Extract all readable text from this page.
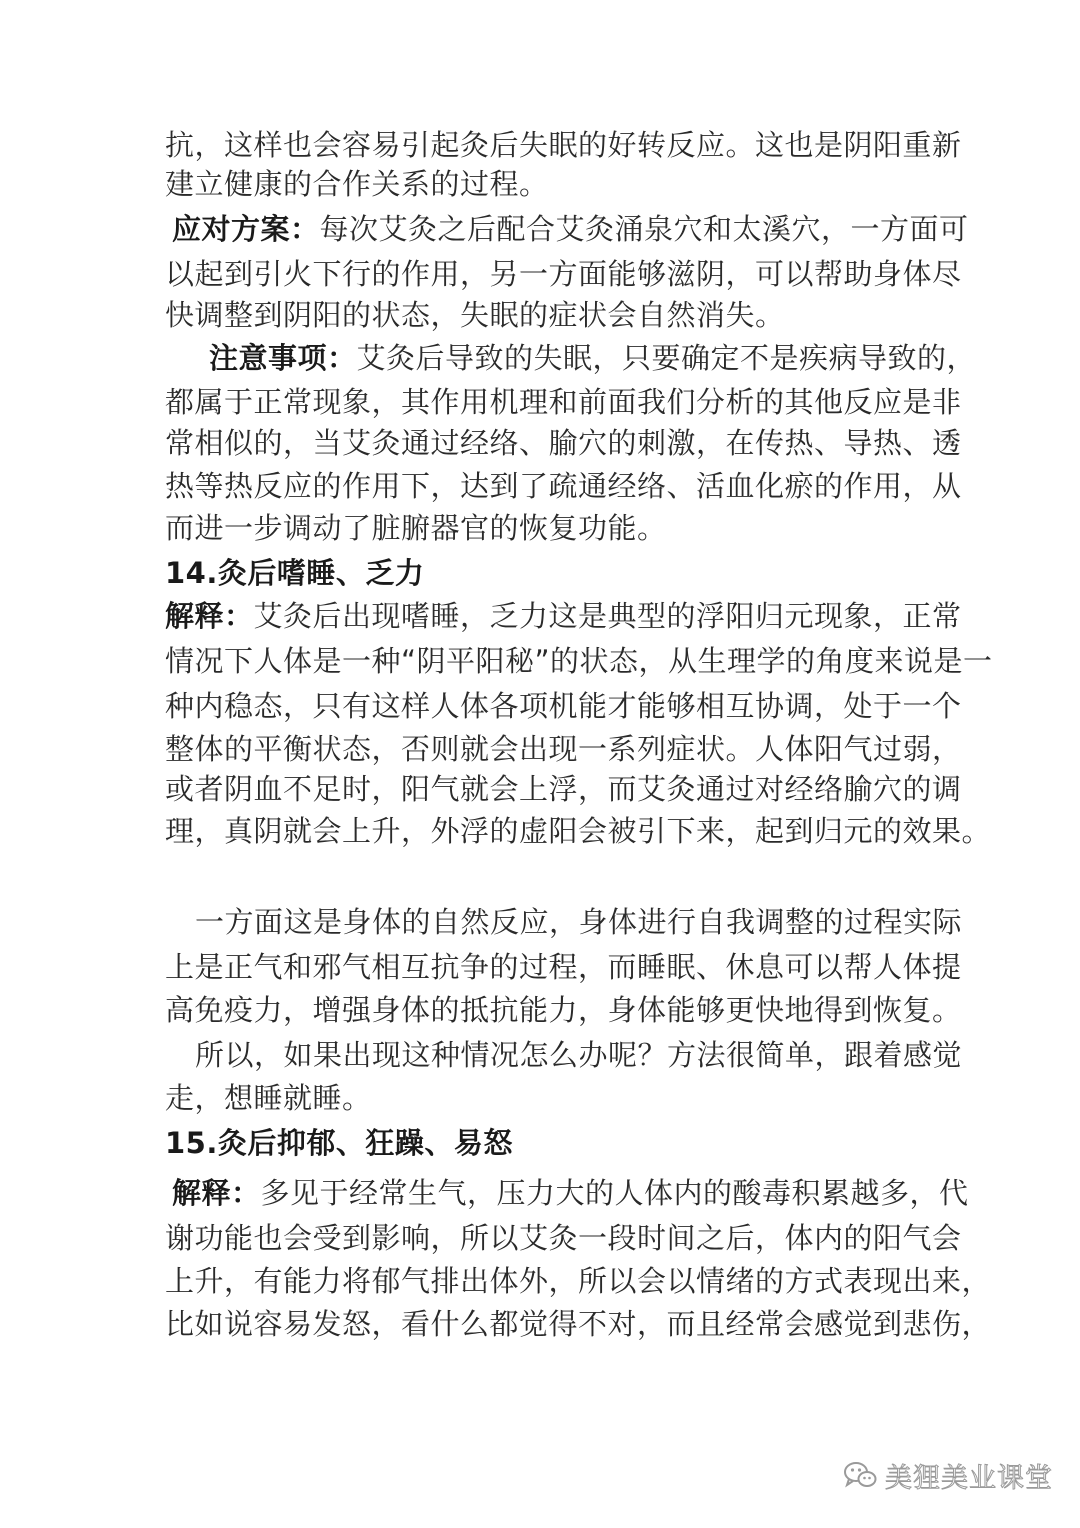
抗，这样也会容易引起灸后失眠的好转反应。这也是阴阳重新
建立健康的合作关系的过程。
应对方案：每次艾灸之后配合艾灸涌泉穴和太溪穴，一方面可
以起到引火下行的作用，另一方面能够滋阴，可以帮助身体尽
快调整到阴阳的状态，失眠的症状会自然消失。
注意事项：艾灸后导致的失眠，只要确定不是疾病导致的，
都属于正常现象，其作用机理和前面我们分析的其他反应是非
常相似的，当艾灸通过经络、腧穴的刺激，在传热、导热、透
热等热反应的作用下，达到了疏通经络、活血化瘀的作用，从
而进一步调动了脏腑器官的恢复功能。
14.灸后嗜睡、乏力
解释：艾灸后出现嗜睡，乏力这是典型的浮阳归元现象，正常
情况下人体是一种“阴平阳秘”的状态，从生理学的角度来说是一
种内稳态，只有这样人体各项机能才能够相互协调，处于一个
整体的平衡状态，否则就会出现一系列症状。人体阳气过弱，
或者阴血不足时，阳气就会上浮，而艾灸通过对经络腧穴的调
理，真阴就会上升，外浮的虚阳会被引下来，起到归元的效果。
一方面这是身体的自然反应，身体进行自我调整的过程实际
上是正气和邪气相互抗争的过程，而睡眠、休息可以帮人体提
高免疫力，增强身体的抵抗能力，身体能够更快地得到恢复。
所以，如果出现这种情况怎么办呢？方法很简单，跟着感觉
走，想睡就睡。
15.灸后抑郁、狂躁、易怒
解释：多见于经常生气，压力大的人体内的酸毒积累越多，代
谢功能也会受到影响，所以艾灸一段时间之后，体内的阳气会
上升，有能力将郁气排出体外，所以会以情绪的方式表现出来，
比如说容易发怒，看什么都觉得不对，而且经常会感觉到悲伤，
美狸美业课堂
